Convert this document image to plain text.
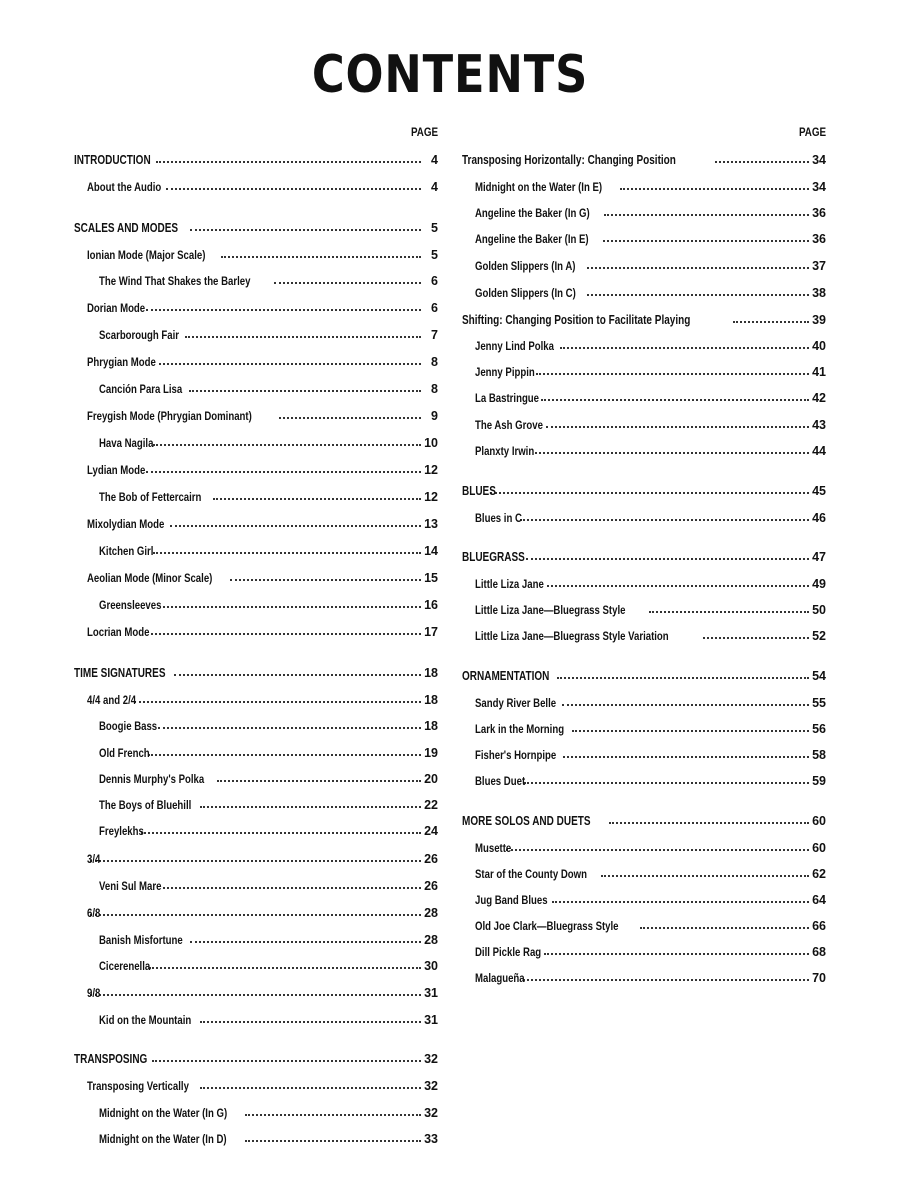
CONTENTS
PAGE
INTRODUCTION	4
About the Audio	4
SCALES AND MODES	5
Ionian Mode (Major Scale)	5
The Wind That Shakes the Barley	6
Dorian Mode	6
Scarborough Fair	7
Phrygian Mode	8
Canción Para Lisa	8
Freygish Mode (Phrygian Dominant)	9
Hava Nagila	10
Lydian Mode	12
The Bob of Fettercairn	12
Mixolydian Mode	13
Kitchen Girl	14
Aeolian Mode (Minor Scale)	15
Greensleeves	16
Locrian Mode	17
TIME SIGNATURES	18
4/4 and 2/4	18
Boogie Bass	18
Old French	19
Dennis Murphy's Polka	20
The Boys of Bluehill	22
Freylekhs	24
3/4	26
Veni Sul Mare	26
6/8	28
Banish Misfortune	28
Cicerenella	30
9/8	31
Kid on the Mountain	31
TRANSPOSING	32
Transposing Vertically	32
Midnight on the Water (In G)	32
Midnight on the Water (In D)	33
PAGE
Transposing Horizontally: Changing Position	34
Midnight on the Water (In E)	34
Angeline the Baker (In G)	36
Angeline the Baker (In E)	36
Golden Slippers (In A)	37
Golden Slippers (In C)	38
Shifting: Changing Position to Facilitate Playing	39
Jenny Lind Polka	40
Jenny Pippin	41
La Bastringue	42
The Ash Grove	43
Planxty Irwin	44
BLUES	45
Blues in C	46
BLUEGRASS	47
Little Liza Jane	49
Little Liza Jane—Bluegrass Style	50
Little Liza Jane—Bluegrass Style Variation	52
ORNAMENTATION	54
Sandy River Belle	55
Lark in the Morning	56
Fisher's Hornpipe	58
Blues Duet	59
MORE SOLOS AND DUETS	60
Musette	60
Star of the County Down	62
Jug Band Blues	64
Old Joe Clark—Bluegrass Style	66
Dill Pickle Rag	68
Malagueña	70
